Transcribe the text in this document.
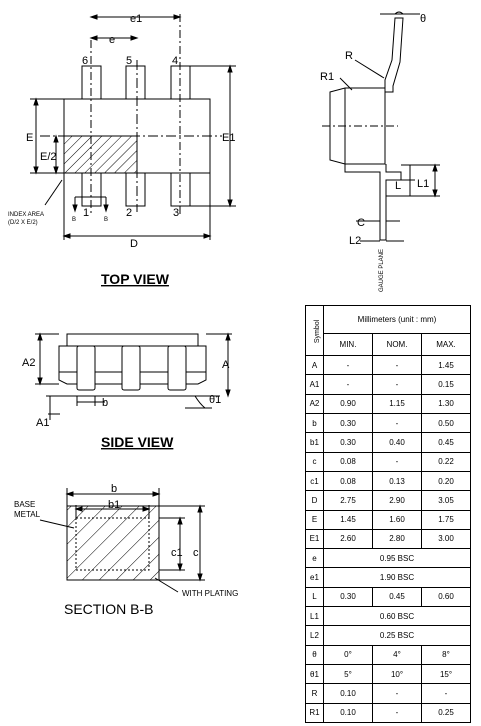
e1
e
E
E/2
E1
D
6	5	4
1	2	3
B	B
INDEX AREA
(D/2 X E/2)
TOP VIEW
θ
R
R1
L L1
C
L2
GAUGE PLANE
A2	A
A1
b	θ1
SIDE VIEW
b
b1
c1 c
BASE
METAL
WITH PLATING
SECTION B-B
Symbol	Millimeters (unit : mm)		
	MIN.	NOM.	MAX.
A	-	-	1.45
A1	-	-	0.15
A2	0.90	1.15	1.30
b	0.30	-	0.50
b1	0.30	0.40	0.45
c	0.08	-	0.22
c1	0.08	0.13	0.20
D	2.75	2.90	3.05
E	1.45	1.60	1.75
E1	2.60	2.80	3.00
e	0.95 BSC		
e1	1.90 BSC		
L	0.30	0.45	0.60
L1	0.60 BSC		
L2	0.25 BSC		
θ	0°	4°	8°
θ1	5°	10°	15°
R	0.10	-	-
R1	0.10	-	0.25
